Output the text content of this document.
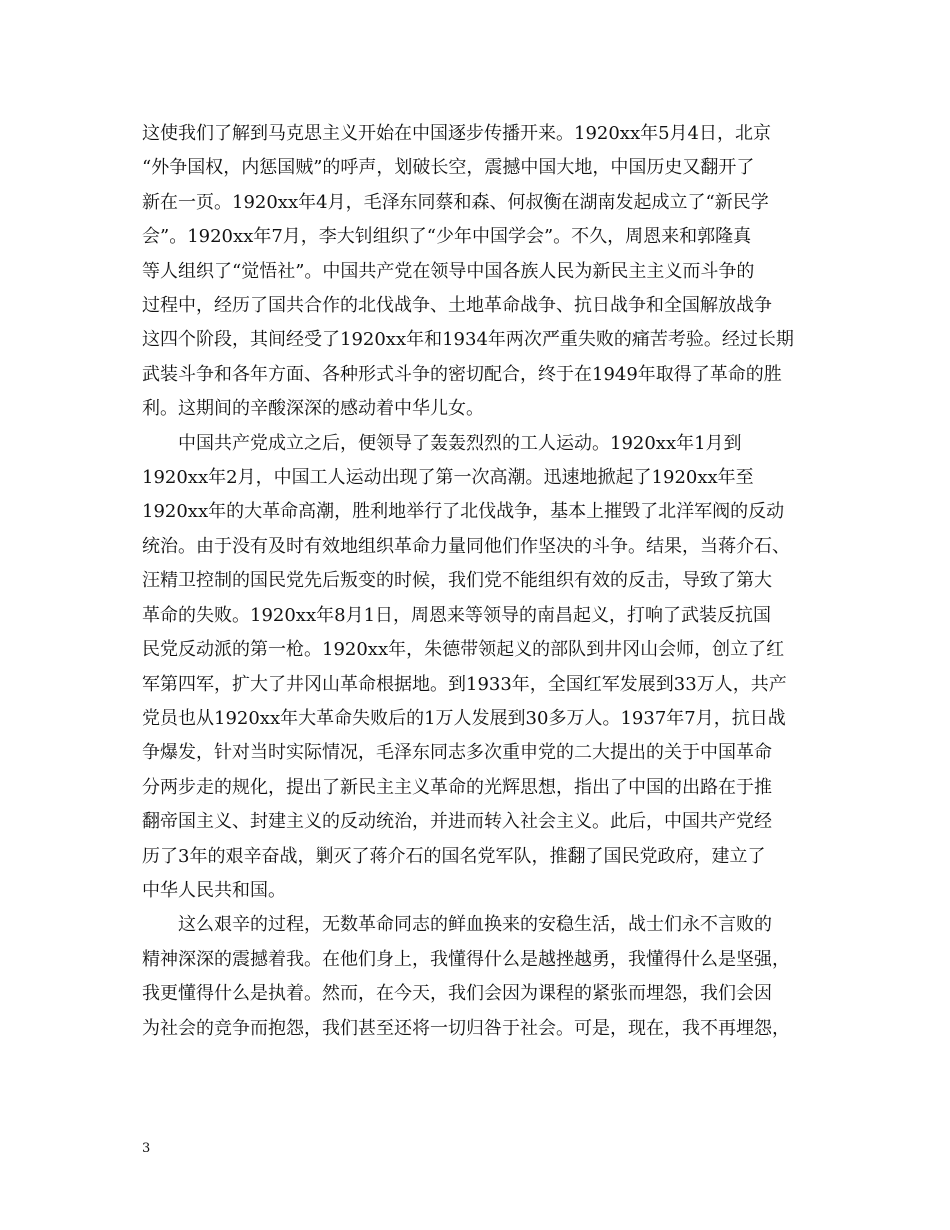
这使我们了解到马克思主义开始在中国逐步传播开来。1920xx年5月4日，北京
“外争国权，内惩国贼”的呼声，划破长空，震撼中国大地，中国历史又翻开了
新在一页。1920xx年4月，毛泽东同蔡和森、何叔衡在湖南发起成立了“新民学
会”。1920xx年7月，李大钊组织了“少年中国学会”。不久，周恩来和郭隆真
等人组织了“觉悟社”。中国共产党在领导中国各族人民为新民主主义而斗争的
过程中，经历了国共合作的北伐战争、土地革命战争、抗日战争和全国解放战争
这四个阶段，其间经受了1920xx年和1934年两次严重失败的痛苦考验。经过长期
武装斗争和各年方面、各种形式斗争的密切配合，终于在1949年取得了革命的胜
利。这期间的辛酸深深的感动着中华儿女。

　　中国共产党成立之后，便领导了轰轰烈烈的工人运动。1920xx年1月到
1920xx年2月，中国工人运动出现了第一次高潮。迅速地掀起了1920xx年至
1920xx年的大革命高潮，胜利地举行了北伐战争，基本上摧毁了北洋军阀的反动
统治。由于没有及时有效地组织革命力量同他们作坚决的斗争。结果，当蒋介石、
汪精卫控制的国民党先后叛变的时候，我们党不能组织有效的反击，导致了第大
革命的失败。1920xx年8月1日，周恩来等领导的南昌起义，打响了武装反抗国
民党反动派的第一枪。1920xx年，朱德带领起义的部队到井冈山会师，创立了红
军第四军，扩大了井冈山革命根据地。到1933年，全国红军发展到33万人，共产
党员也从1920xx年大革命失败后的1万人发展到30多万人。1937年7月，抗日战
争爆发，针对当时实际情况，毛泽东同志多次重申党的二大提出的关于中国革命
分两步走的规化，提出了新民主主义革命的光辉思想，指出了中国的出路在于推
翻帝国主义、封建主义的反动统治，并进而转入社会主义。此后，中国共产党经
历了3年的艰辛奋战，剿灭了蒋介石的国名党军队，推翻了国民党政府，建立了
中华人民共和国。

　　这么艰辛的过程，无数革命同志的鲜血换来的安稳生活，战士们永不言败的
精神深深的震撼着我。在他们身上，我懂得什么是越挫越勇，我懂得什么是坚强，
我更懂得什么是执着。然而，在今天，我们会因为课程的紧张而埋怨，我们会因
为社会的竞争而抱怨，我们甚至还将一切归咎于社会。可是，现在，我不再埋怨，

3
